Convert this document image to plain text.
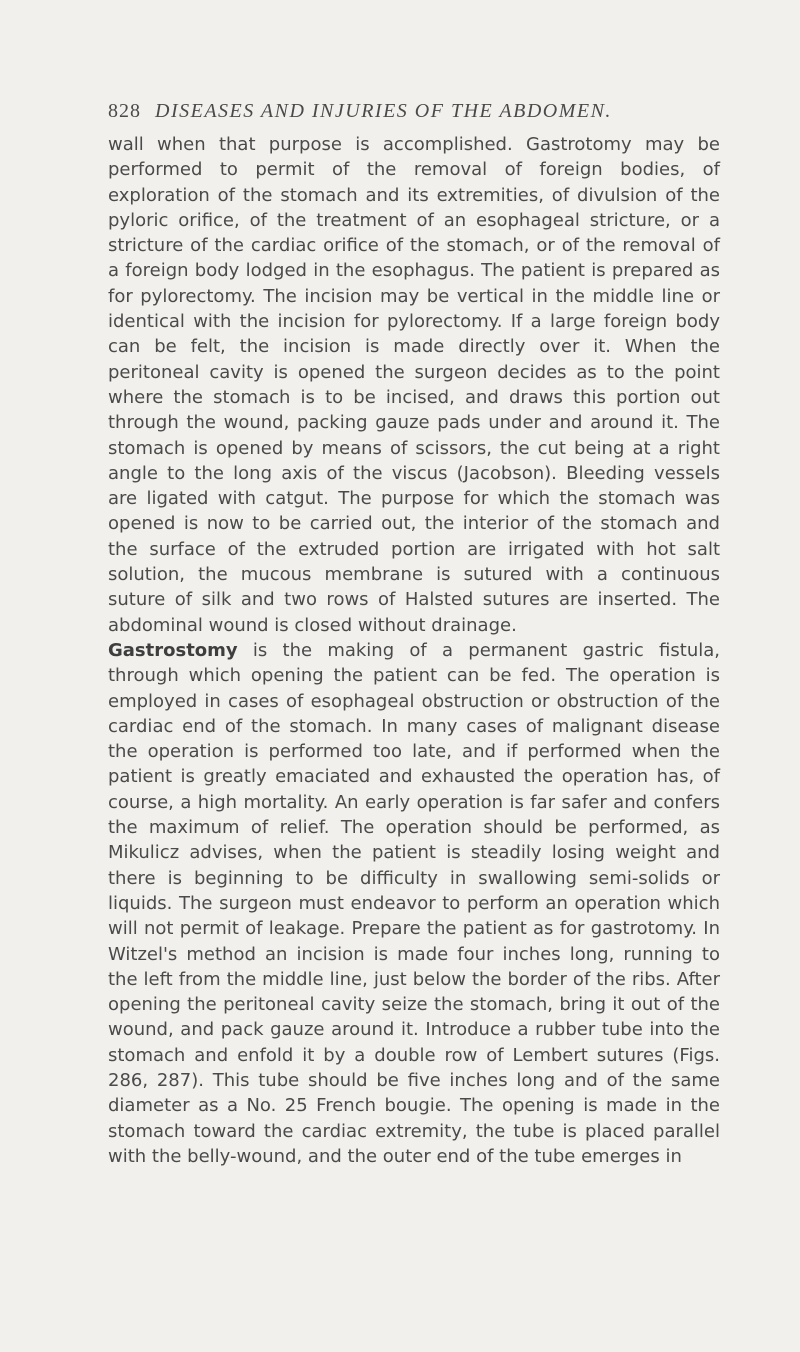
828 DISEASES AND INJURIES OF THE ABDOMEN.

wall when that purpose is accomplished. Gastrotomy may be performed to permit of the removal of foreign bodies, of exploration of the stomach and its extremities, of divulsion of the pyloric orifice, of the treatment of an esophageal stricture, or a stricture of the cardiac orifice of the stomach, or of the removal of a foreign body lodged in the esophagus. The patient is prepared as for pylorectomy. The incision may be vertical in the middle line or identical with the incision for pylorectomy. If a large foreign body can be felt, the incision is made directly over it. When the peritoneal cavity is opened the surgeon decides as to the point where the stomach is to be incised, and draws this portion out through the wound, packing gauze pads under and around it. The stomach is opened by means of scissors, the cut being at a right angle to the long axis of the viscus (Jacobson). Bleeding vessels are ligated with catgut. The purpose for which the stomach was opened is now to be carried out, the interior of the stomach and the surface of the extruded portion are irrigated with hot salt solution, the mucous membrane is sutured with a continuous suture of silk and two rows of Halsted sutures are inserted. The abdominal wound is closed without drainage.

Gastrostomy is the making of a permanent gastric fistula, through which opening the patient can be fed. The operation is employed in cases of esophageal obstruction or obstruction of the cardiac end of the stomach. In many cases of malignant disease the operation is performed too late, and if performed when the patient is greatly emaciated and exhausted the operation has, of course, a high mortality. An early operation is far safer and confers the maximum of relief. The operation should be performed, as Mikulicz advises, when the patient is steadily losing weight and there is beginning to be difficulty in swallowing semi-solids or liquids. The surgeon must endeavor to perform an operation which will not permit of leakage. Prepare the patient as for gastrotomy. In Witzel's method an incision is made four inches long, running to the left from the middle line, just below the border of the ribs. After opening the peritoneal cavity seize the stomach, bring it out of the wound, and pack gauze around it. Introduce a rubber tube into the stomach and enfold it by a double row of Lembert sutures (Figs. 286, 287). This tube should be five inches long and of the same diameter as a No. 25 French bougie. The opening is made in the stomach toward the cardiac extremity, the tube is placed parallel with the belly-wound, and the outer end of the tube emerges in
